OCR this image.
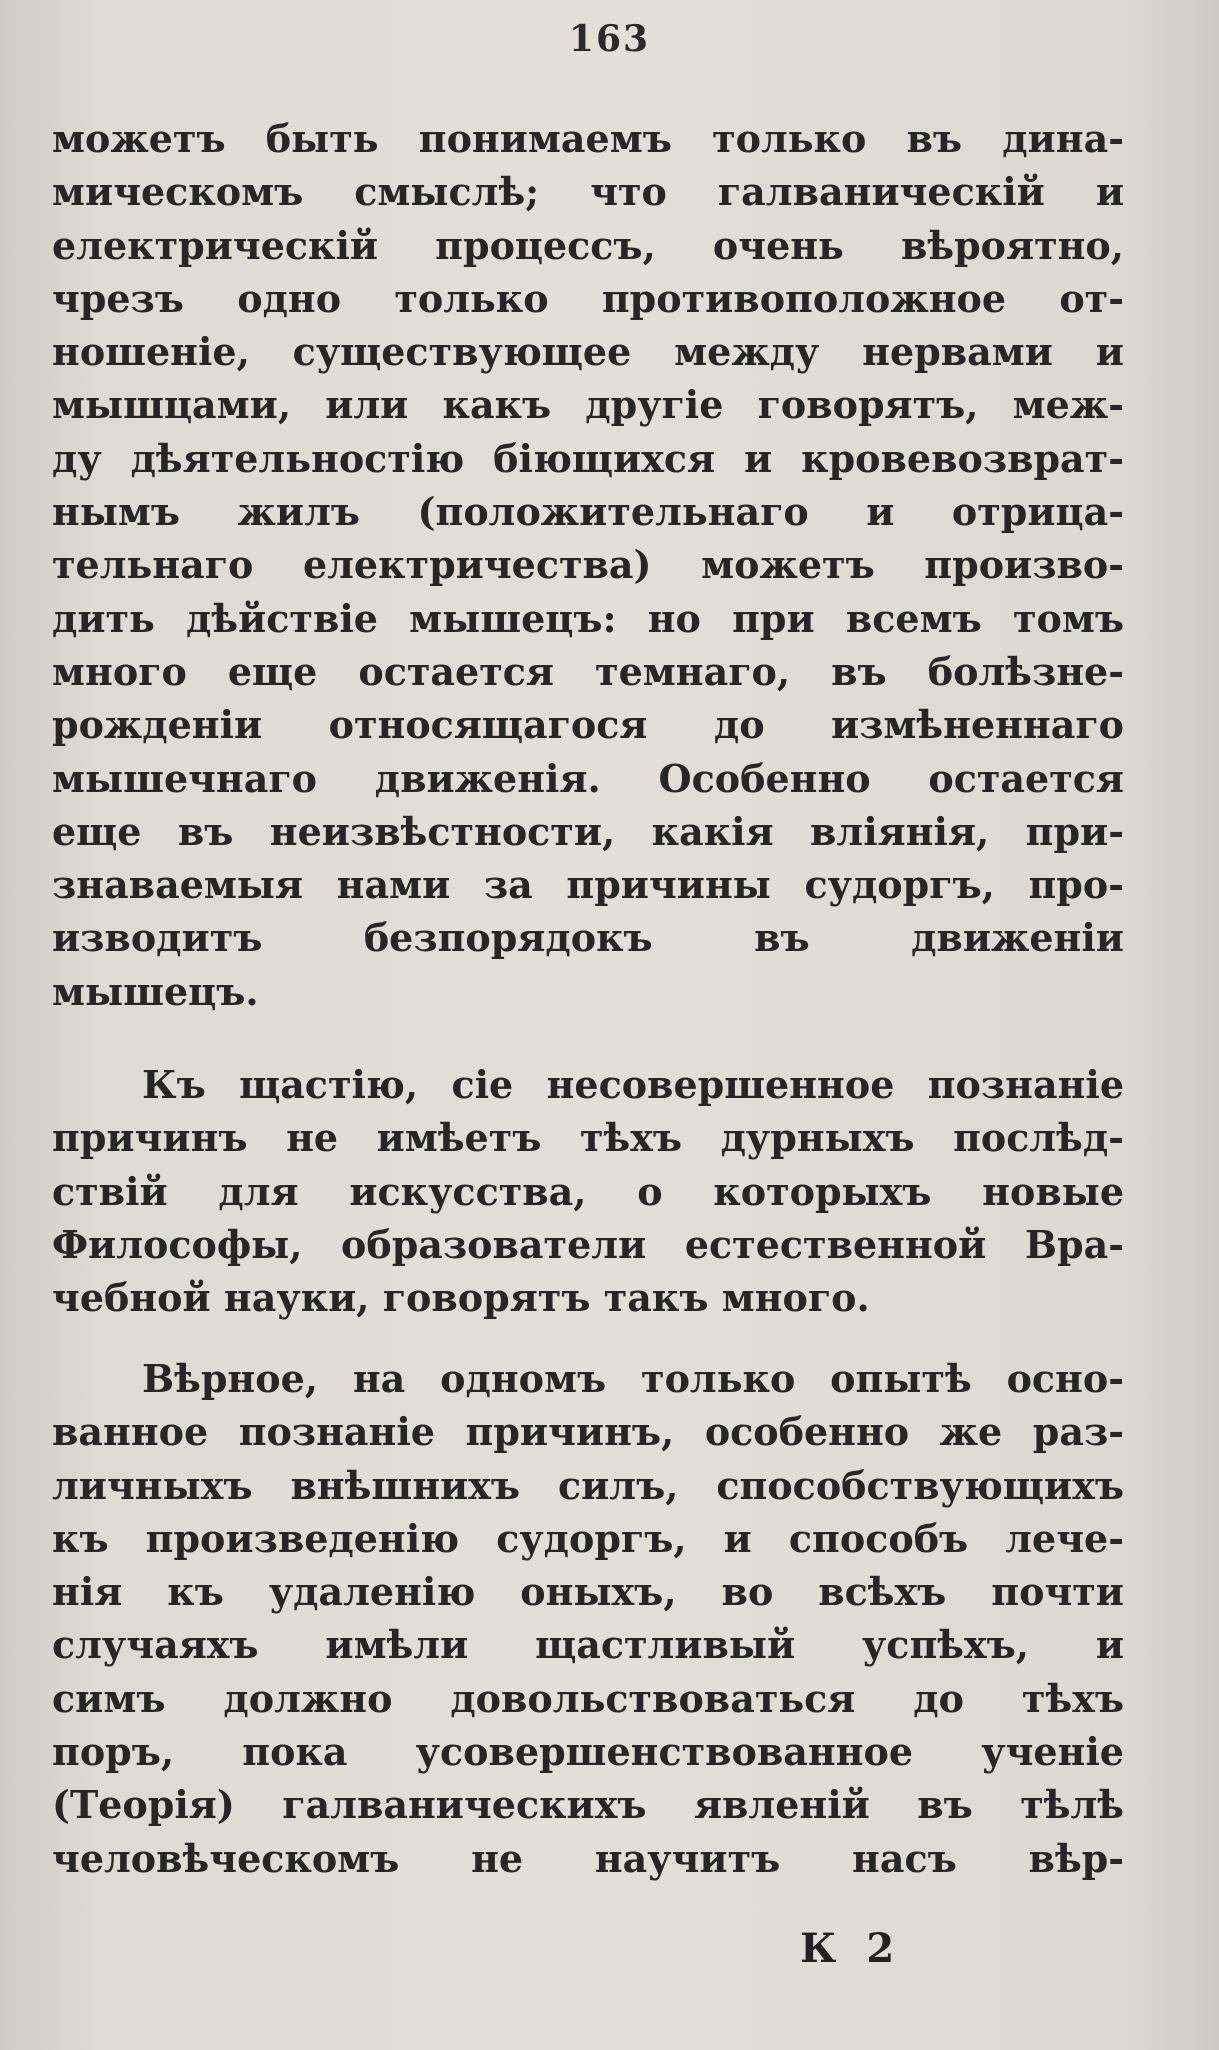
163
можетъ быть понимаемъ только въ дина-
мическомъ смыслѣ; что галваническій и
електрическій процессъ, очень вѣроятно,
чрезъ одно только противоположное от-
ношеніе, существующее между нервами и
мышцами, или какъ другіе говорятъ, меж-
ду дѣятельностію біющихся и кровевозврат-
нымъ жилъ (положительнаго и отрица-
тельнаго електричества) можетъ произво-
дить дѣйствіе мышецъ: но при всемъ томъ
много еще остается темнаго, въ болѣзне-
рожденіи относящагося до измѣненнаго
мышечнаго движенія. Особенно остается
еще въ неизвѣстности, какія вліянія, при-
знаваемыя нами за причины судоргъ, про-
изводитъ безпорядокъ въ движеніи
мышецъ.
Къ щастію, сіе несовершенное познаніе
причинъ не имѣетъ тѣхъ дурныхъ послѣд-
ствій для искусства, о которыхъ новые
Философы, образователи естественной Вра-
чебной науки, говорятъ такъ много.
Вѣрное, на одномъ только опытѣ осно-
ванное познаніе причинъ, особенно же раз-
личныхъ внѣшнихъ силъ, способствующихъ
къ произведенію судоргъ, и способъ лече-
нія къ удаленію оныхъ, во всѣхъ почти
случаяхъ имѣли щастливый успѣхъ, и
симъ должно довольствоваться до тѣхъ
поръ, пока усовершенствованное ученіе
(Теорія) галваническихъ явленій въ тѣлѣ
человѣческомъ не научитъ насъ вѣр-
К 2
